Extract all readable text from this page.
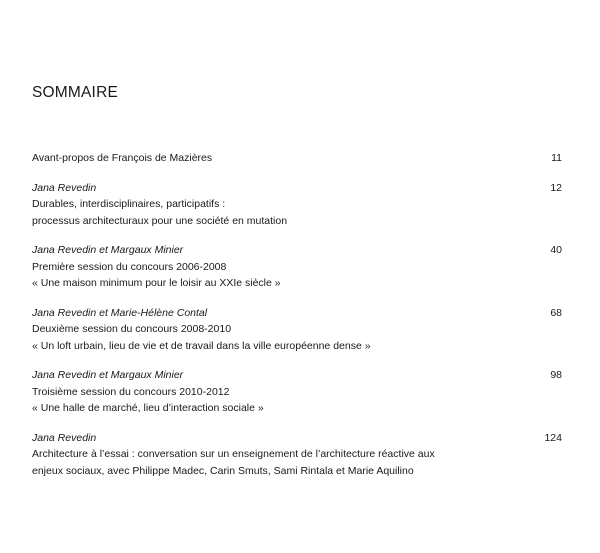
SOMMAIRE
Avant-propos de François de Mazières	11
Jana Revedin
Durables, interdisciplinaires, participatifs :
processus architecturaux pour une société en mutation
12
Jana Revedin et Margaux Minier
Première session du concours 2006-2008
« Une maison minimum pour le loisir au XXIe siècle »
40
Jana Revedin et Marie-Hélène Contal
Deuxième session du concours 2008-2010
« Un loft urbain, lieu de vie et de travail dans la ville européenne dense »
68
Jana Revedin et Margaux Minier
Troisième session du concours 2010-2012
« Une halle de marché, lieu d’interaction sociale »
98
Jana Revedin
Architecture à l’essai : conversation sur un enseignement de l’architecture réactive aux
enjeux sociaux, avec Philippe Madec, Carin Smuts, Sami Rintala et Marie Aquilino
124
